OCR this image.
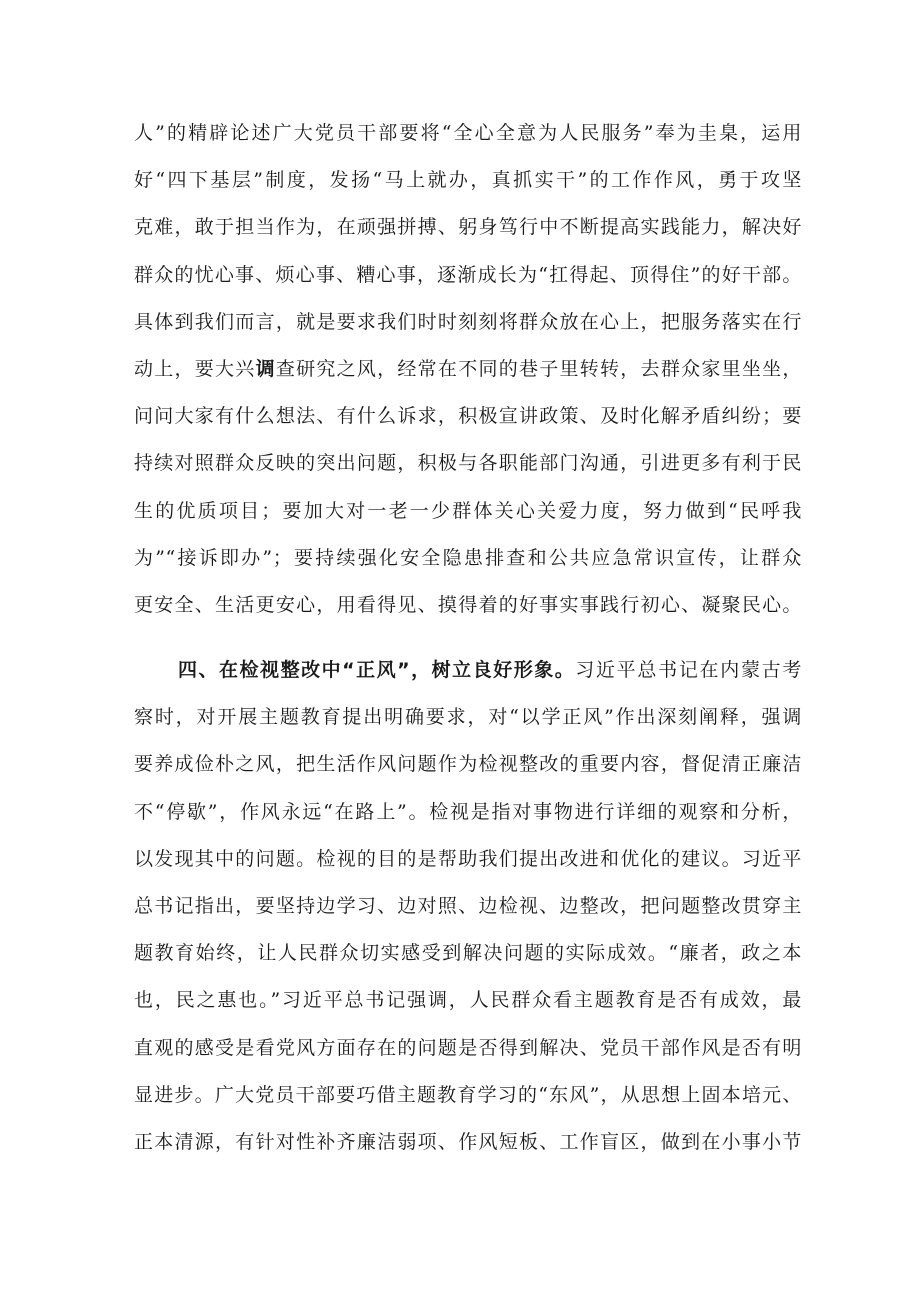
人”的精辟论述广大党员干部要将“全心全意为人民服务”奉为圭臬，运用
好“四下基层”制度，发扬“马上就办，真抓实干”的工作作风，勇于攻坚
克难，敢于担当作为，在顽强拼搏、躬身笃行中不断提高实践能力，解决好
群众的忧心事、烦心事、糟心事，逐渐成长为“扛得起、顶得住”的好干部。
具体到我们而言，就是要求我们时时刻刻将群众放在心上，把服务落实在行
动上，要大兴调查研究之风，经常在不同的巷子里转转，去群众家里坐坐，
问问大家有什么想法、有什么诉求，积极宣讲政策、及时化解矛盾纠纷；要
持续对照群众反映的突出问题，积极与各职能部门沟通，引进更多有利于民
生的优质项目；要加大对一老一少群体关心关爱力度，努力做到“民呼我
为”“接诉即办”；要持续强化安全隐患排查和公共应急常识宣传，让群众
更安全、生活更安心，用看得见、摸得着的好事实事践行初心、凝聚民心。
四、在检视整改中“正风”，树立良好形象。习近平总书记在内蒙古考
察时，对开展主题教育提出明确要求，对“以学正风”作出深刻阐释，强调
要养成俭朴之风，把生活作风问题作为检视整改的重要内容，督促清正廉洁
不“停歇”，作风永远“在路上”。检视是指对事物进行详细的观察和分析，
以发现其中的问题。检视的目的是帮助我们提出改进和优化的建议。习近平
总书记指出，要坚持边学习、边对照、边检视、边整改，把问题整改贯穿主
题教育始终，让人民群众切实感受到解决问题的实际成效。“廉者，政之本
也，民之惠也。”习近平总书记强调，人民群众看主题教育是否有成效，最
直观的感受是看党风方面存在的问题是否得到解决、党员干部作风是否有明
显进步。广大党员干部要巧借主题教育学习的“东风”，从思想上固本培元、
正本清源，有针对性补齐廉洁弱项、作风短板、工作盲区，做到在小事小节
